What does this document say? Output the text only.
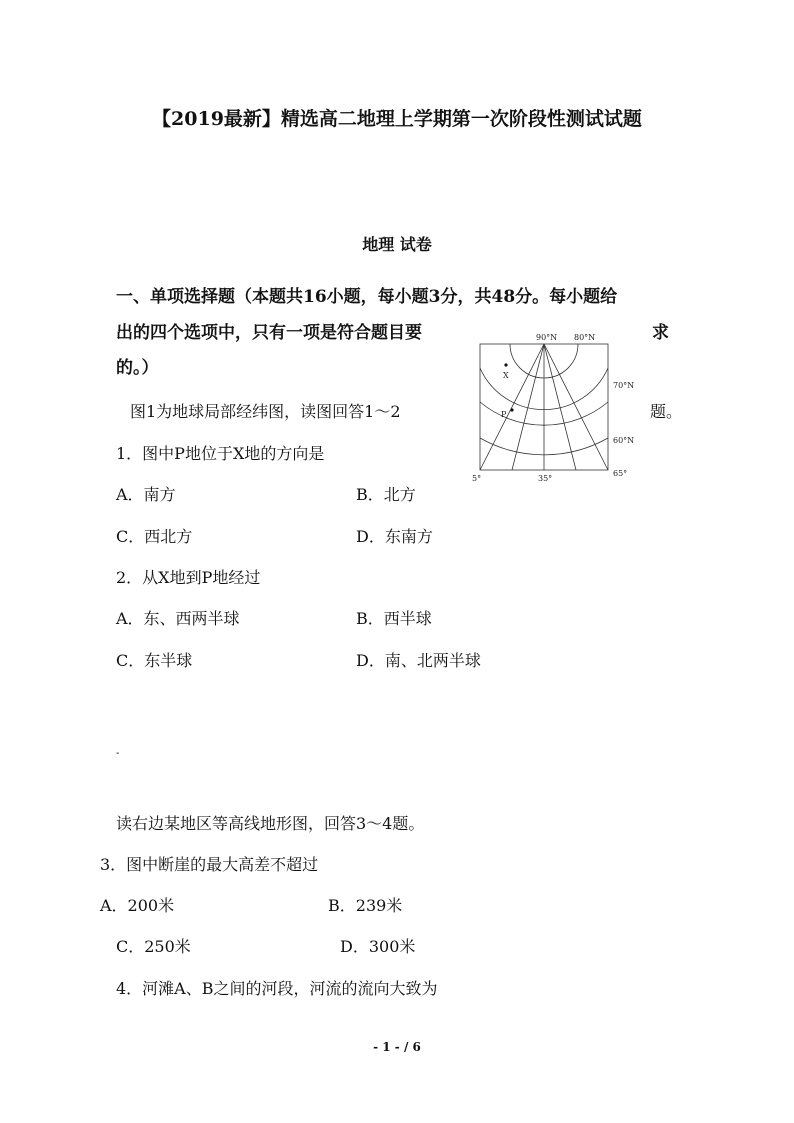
【2019最新】精选高二地理上学期第一次阶段性测试试题
地理 试卷
一、单项选择题（本题共16小题，每小题3分，共48分。每小题给
出的四个选项中，只有一项是符合题目要	求
的。）
图1为地球局部经纬图，读图回答1～2	题。
90°N 80°N
70°N
60°N
65°
5°	35°
X
P
1．图中P地位于X地的方向是
A．南方	B．北方
C．西北方	D．东南方
2．从X地到P地经过
A．东、西两半球	B．西半球
C．东半球	D．南、北两半球
-
读右边某地区等高线地形图，回答3～4题。
3．图中断崖的最大高差不超过
A．200米	B．239米
C．250米	D．300米
4．河滩A、B之间的河段，河流的流向大致为
- 1 - / 6
